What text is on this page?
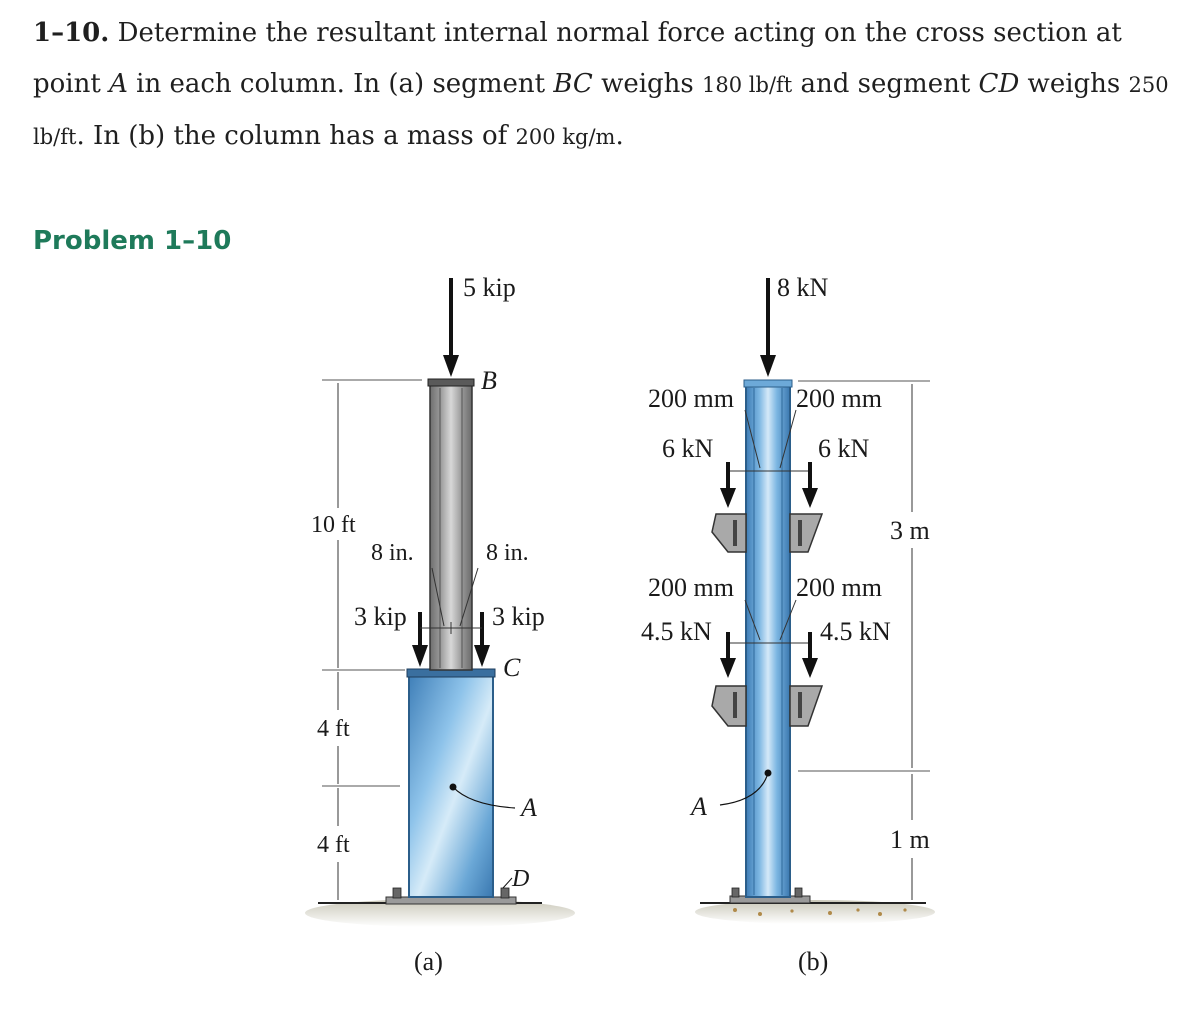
1–10. Determine the resultant internal normal force acting on the cross section at point A in each column. In (a) segment BC weighs 180 lb/ft and segment CD weighs 250 lb/ft. In (b) the column has a mass of 200 kg/m.
Problem 1–10
5 kip
B
10 ft
8 in.	8 in.
3 kip	3 kip
C
4 ft
A
4 ft
D
(a)
8 kN
200 mm 200 mm
6 kN	6 kN
3 m
200 mm 200 mm
4.5 kN	4.5 kN
A
1 m
(b)
